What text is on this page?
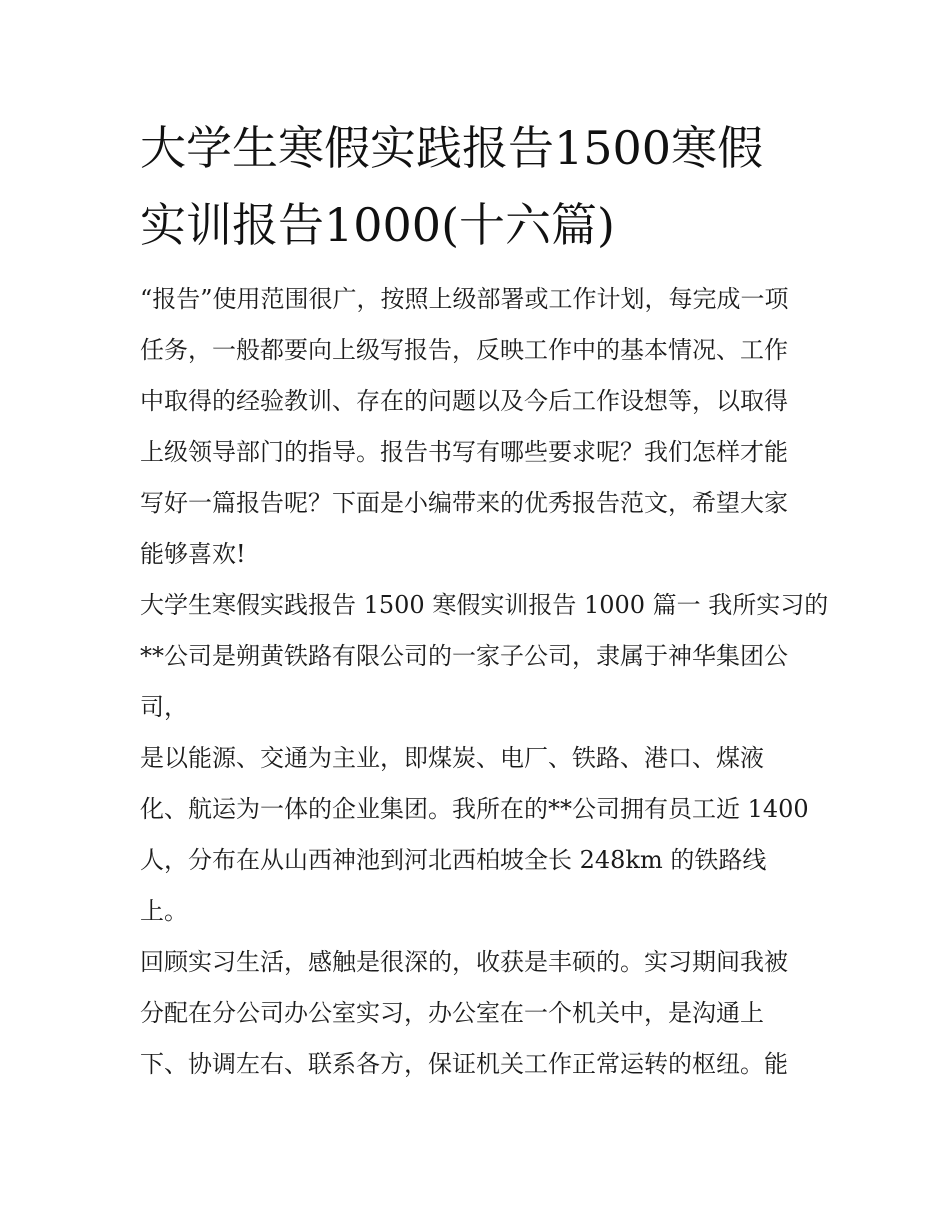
大学生寒假实践报告1500寒假
实训报告1000(十六篇)
“报告”使用范围很广，按照上级部署或工作计划，每完成一项
任务，一般都要向上级写报告，反映工作中的基本情况、工作
中取得的经验教训、存在的问题以及今后工作设想等，以取得
上级领导部门的指导。报告书写有哪些要求呢？我们怎样才能
写好一篇报告呢？下面是小编带来的优秀报告范文，希望大家
能够喜欢!
大学生寒假实践报告 1500 寒假实训报告 1000 篇一 我所实习的
**公司是朔黄铁路有限公司的一家子公司，隶属于神华集团公
司，
是以能源、交通为主业，即煤炭、电厂、铁路、港口、煤液
化、航运为一体的企业集团。我所在的**公司拥有员工近 1400
人，分布在从山西神池到河北西柏坡全长 248km 的铁路线
上。
回顾实习生活，感触是很深的，收获是丰硕的。实习期间我被
分配在分公司办公室实习，办公室在一个机关中，是沟通上
下、协调左右、联系各方，保证机关工作正常运转的枢纽。能
